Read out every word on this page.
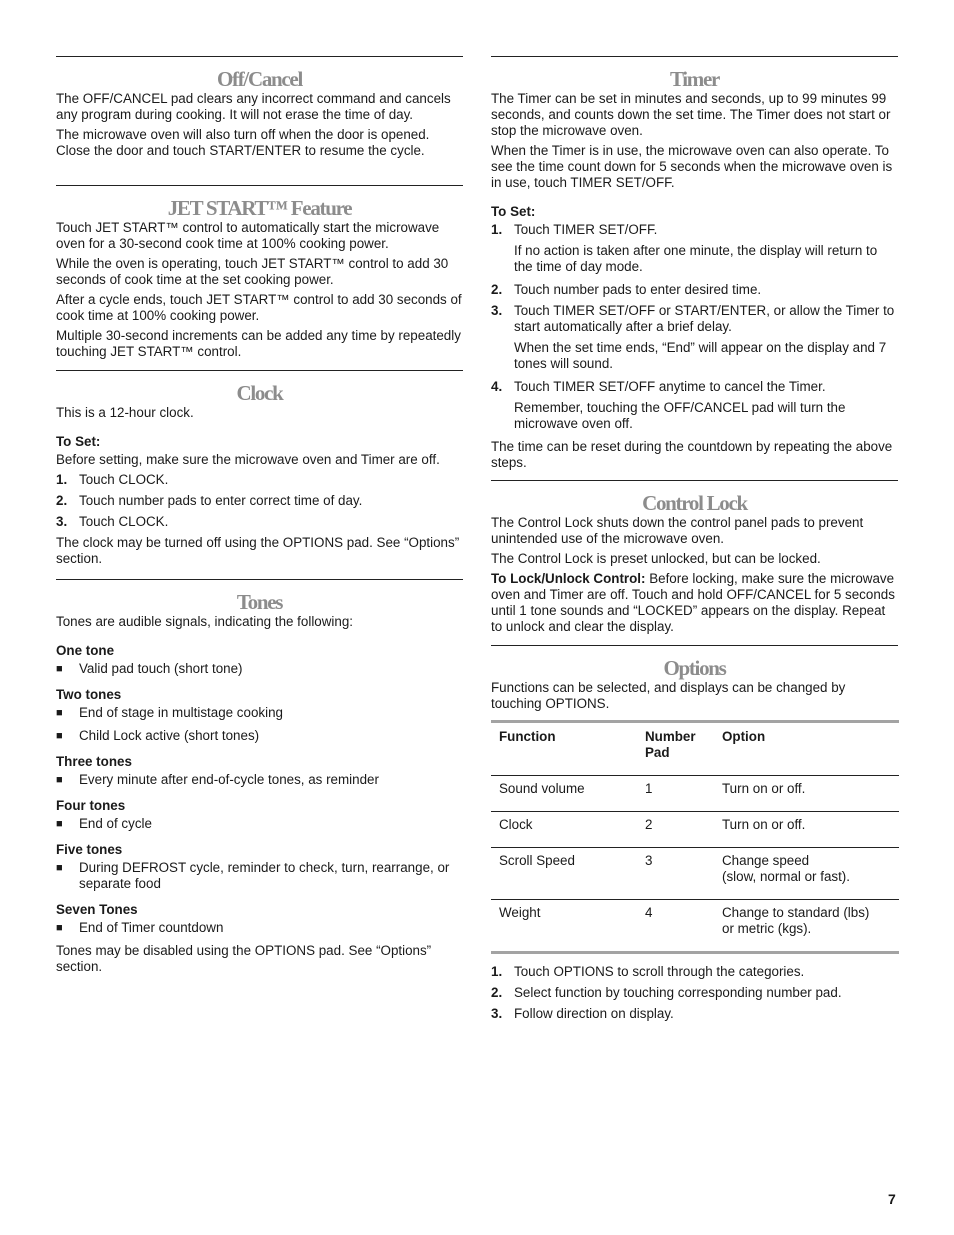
Off/Cancel

The OFF/CANCEL pad clears any incorrect command and cancels any program during cooking. It will not erase the time of day.

The microwave oven will also turn off when the door is opened. Close the door and touch START/ENTER to resume the cycle.

JET START™ Feature

Touch JET START™ control to automatically start the microwave oven for a 30-second cook time at 100% cooking power.

While the oven is operating, touch JET START™ control to add 30 seconds of cook time at the set cooking power.

After a cycle ends, touch JET START™ control to add 30 seconds of cook time at 100% cooking power.

Multiple 30-second increments can be added any time by repeatedly touching JET START™ control.

Clock

This is a 12-hour clock.

To Set:

Before setting, make sure the microwave oven and Timer are off.

1. Touch CLOCK.
2. Touch number pads to enter correct time of day.
3. Touch CLOCK.

The clock may be turned off using the OPTIONS pad. See “Options” section.

Tones

Tones are audible signals, indicating the following:

One tone
■ Valid pad touch (short tone)
Two tones
■ End of stage in multistage cooking
■ Child Lock active (short tones)
Three tones
■ Every minute after end-of-cycle tones, as reminder
Four tones
■ End of cycle
Five tones
■ During DEFROST cycle, reminder to check, turn, rearrange, or separate food
Seven Tones
■ End of Timer countdown

Tones may be disabled using the OPTIONS pad. See “Options” section.

Timer

The Timer can be set in minutes and seconds, up to 99 minutes 99 seconds, and counts down the set time. The Timer does not start or stop the microwave oven.

When the Timer is in use, the microwave oven can also operate. To see the time count down for 5 seconds when the microwave oven is in use, touch TIMER SET/OFF.

To Set:
1. Touch TIMER SET/OFF.
If no action is taken after one minute, the display will return to the time of day mode.
2. Touch number pads to enter desired time.
3. Touch TIMER SET/OFF or START/ENTER, or allow the Timer to start automatically after a brief delay.
When the set time ends, “End” will appear on the display and 7 tones will sound.
4. Touch TIMER SET/OFF anytime to cancel the Timer.
Remember, touching the OFF/CANCEL pad will turn the microwave oven off.

The time can be reset during the countdown by repeating the above steps.

Control Lock

The Control Lock shuts down the control panel pads to prevent unintended use of the microwave oven.

The Control Lock is preset unlocked, but can be locked.

To Lock/Unlock Control: Before locking, make sure the microwave oven and Timer are off. Touch and hold OFF/CANCEL for 5 seconds until 1 tone sounds and “LOCKED” appears on the display. Repeat to unlock and clear the display.

Options

Functions can be selected, and displays can be changed by touching OPTIONS.

Function	Number Pad	Option
Sound volume	1	Turn on or off.
Clock	2	Turn on or off.
Scroll Speed	3	Change speed
(slow, normal or fast).
Weight	4	Change to standard (lbs)
or metric (kgs).
1. Touch OPTIONS to scroll through the categories.
2. Select function by touching corresponding number pad.
3. Follow direction on display.
7
